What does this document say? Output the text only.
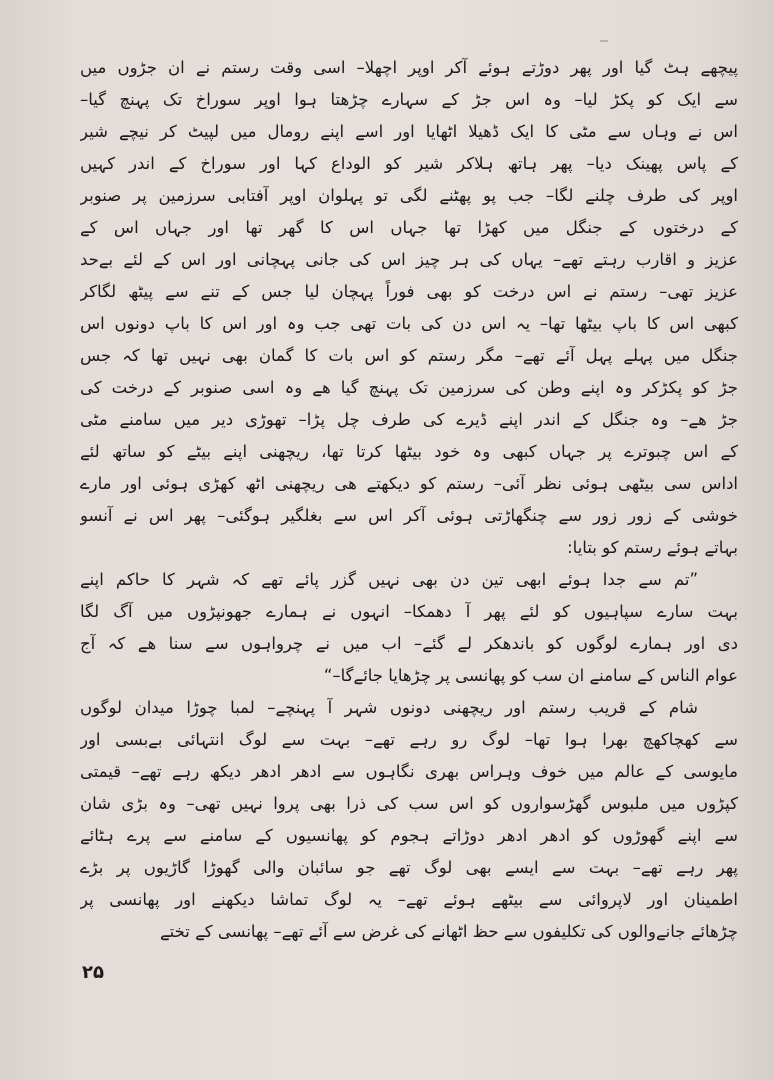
پیچھے ہٹ گیا اور پھر دوڑتے ہوئے آکر اوپر اچھلا– اسی وقت رستم نے ان جڑوں میں
سے ایک کو پکڑ لیا– وہ اس جڑ کے سہارے چڑھتا ہوا اوپر سوراخ تک پہنچ گیا–
اس نے وہاں سے مٹی کا ایک ڈھیلا اٹھایا اور اسے اپنے رومال میں لپیٹ کر نیچے شیر
کے پاس پھینک دیا– پھر ہاتھ ہلاکر شیر کو الوداع کہا اور سوراخ کے اندر کہیں
اوپر کی طرف چلنے لگا– جب پو پھٹنے لگی تو پہلوان اوپر آفتابی سرزمین پر صنوبر
کے درختوں کے جنگل میں کھڑا تھا جہاں اس کا گھر تھا اور جہاں اس کے
عزیز و اقارب رہتے تھے– یہاں کی ہر چیز اس کی جانی پہچانی اور اس کے لئے بےحد
عزیز تھی– رستم نے اس درخت کو بھی فوراً پہچان لیا جس کے تنے سے پیٹھ لگاکر
کبھی اس کا باپ بیٹھا تھا– یہ اس دن کی بات تھی جب وہ اور اس کا باپ دونوں اس
جنگل میں پہلے پہل آئے تھے– مگر رستم کو اس بات کا گمان بھی نہیں تھا کہ جس
جڑ کو پکڑکر وہ اپنے وطن کی سرزمین تک پہنچ گیا ھے وہ اسی صنوبر کے درخت کی
جڑ ھے– وہ جنگل کے اندر اپنے ڈیرے کی طرف چل پڑا– تھوڑی دیر میں سامنے مٹی
کے اس چبوترے پر جہاں کبھی وہ خود بیٹھا کرتا تھا، ریچھنی اپنے بیٹے کو ساتھ لئے
اداس سی بیٹھی ہوئی نظر آئی– رستم کو دیکھتے ھی ریچھنی اٹھ کھڑی ہوئی اور مارے
خوشی کے زور زور سے چنگھاڑتی ہوئی آکر اس سے بغلگیر ہوگئی– پھر اس نے آنسو
بہاتے ہوئے رستم کو بتایا:
”تم سے جدا ہوئے ابھی تین دن بھی نہیں گزر پائے تھے کہ شہر کا حاکم اپنے
بہت سارے سپاہیوں کو لئے پھر آ دھمکا– انہوں نے ہمارے جھونپڑوں میں آگ لگا
دی اور ہمارے لوگوں کو باندھکر لے گئے– اب میں نے چرواہوں سے سنا ھے کہ آج
عوام الناس کے سامنے ان سب کو پھانسی پر چڑھایا جائےگا–“
شام کے قریب رستم اور ریچھنی دونوں شہر آ پہنچے– لمبا چوڑا میدان لوگوں
سے کھچاکھچ بھرا ہوا تھا– لوگ رو رہے تھے– بہت سے لوگ انتہائی بےبسی اور
مایوسی کے عالم میں خوف وہراس بھری نگاہوں سے ادھر ادھر دیکھ رہے تھے– قیمتی
کپڑوں میں ملبوس گھڑسواروں کو اس سب کی ذرا بھی پروا نہیں تھی– وہ بڑی شان
سے اپنے گھوڑوں کو ادھر ادھر دوڑاتے ہجوم کو پھانسیوں کے سامنے سے پرے ہٹائے
پھر رہے تھے– بہت سے ایسے بھی لوگ تھے جو سائبان والی گھوڑا گاڑیوں پر بڑے
اطمینان اور لاپروائی سے بیٹھے ہوئے تھے– یہ لوگ تماشا دیکھنے اور پھانسی پر
چڑھائے جانےوالوں کی تکلیفوں سے حظ اٹھانے کی غرض سے آئے تھے– پھانسی کے تختے
۲۵
